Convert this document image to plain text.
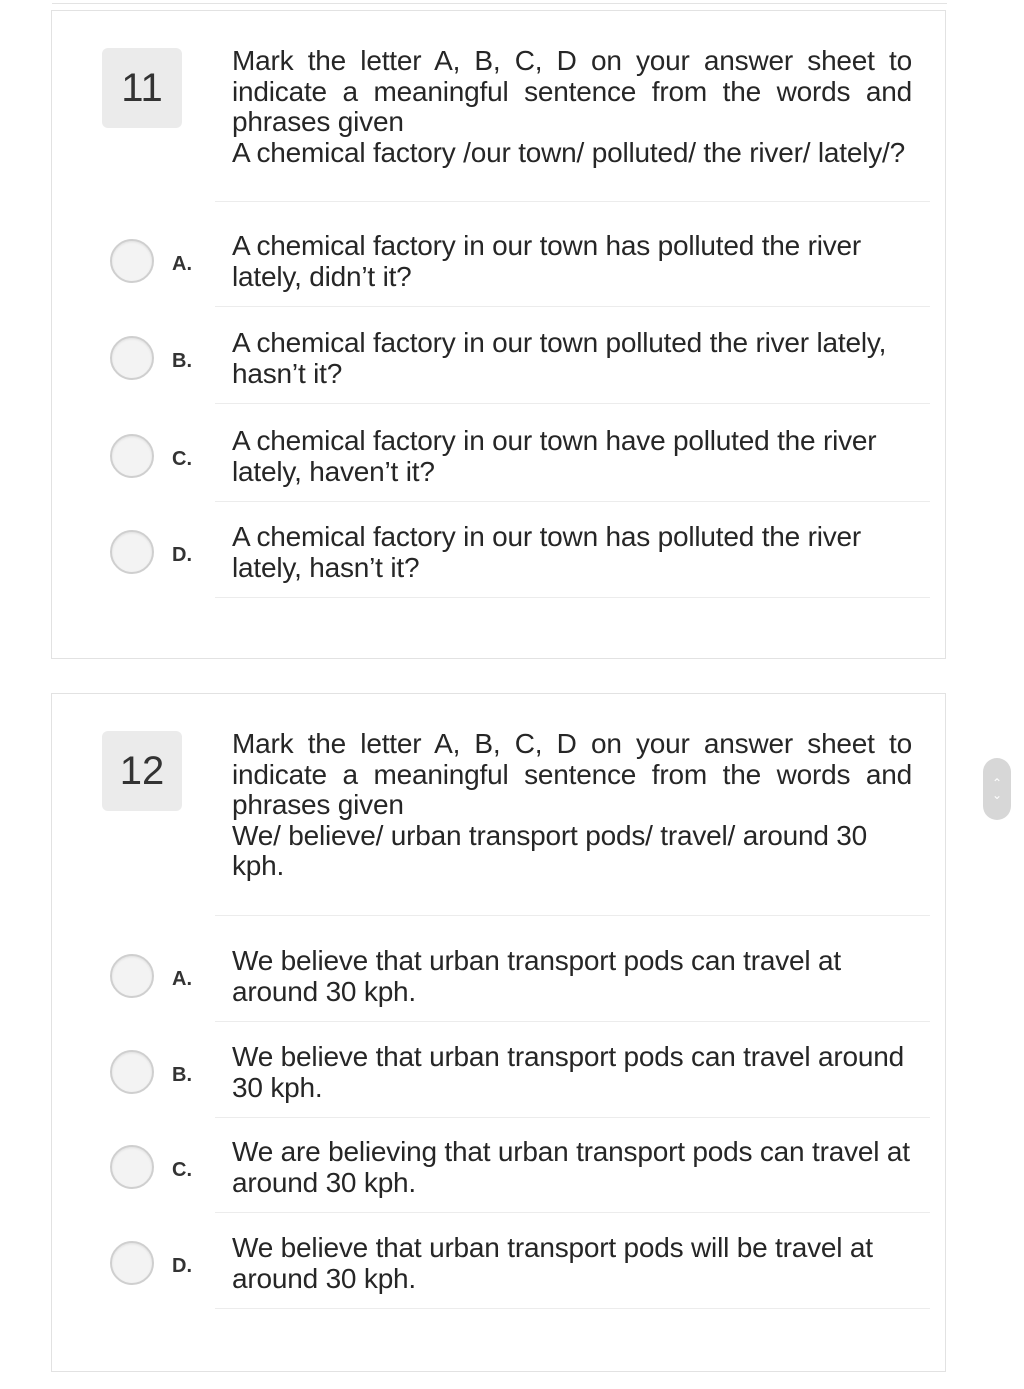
11

Mark the letter A, B, C, D on your answer sheet to indicate a meaningful sentence from the words and phrases given

A chemical factory /our town/ polluted/ the river/ lately/?

A.
A chemical factory in our town has polluted the river lately, didn’t it?
B.
A chemical factory in our town polluted the river lately, hasn’t it?
C.
A chemical factory in our town have polluted the river lately, haven’t it?
D.
A chemical factory in our town has polluted the river lately, hasn’t it?
12

Mark the letter A, B, C, D on your answer sheet to indicate a meaningful sentence from the words and phrases given

We/ believe/ urban transport pods/ travel/ around 30 kph.

A.
We believe that urban transport pods can travel at around 30 kph.
B.
We believe that urban transport pods can travel around 30 kph.
C.
We are believing that urban transport pods can travel at around 30 kph.
D.
We believe that urban transport pods will be travel at around 30 kph.
⌃
⌄
